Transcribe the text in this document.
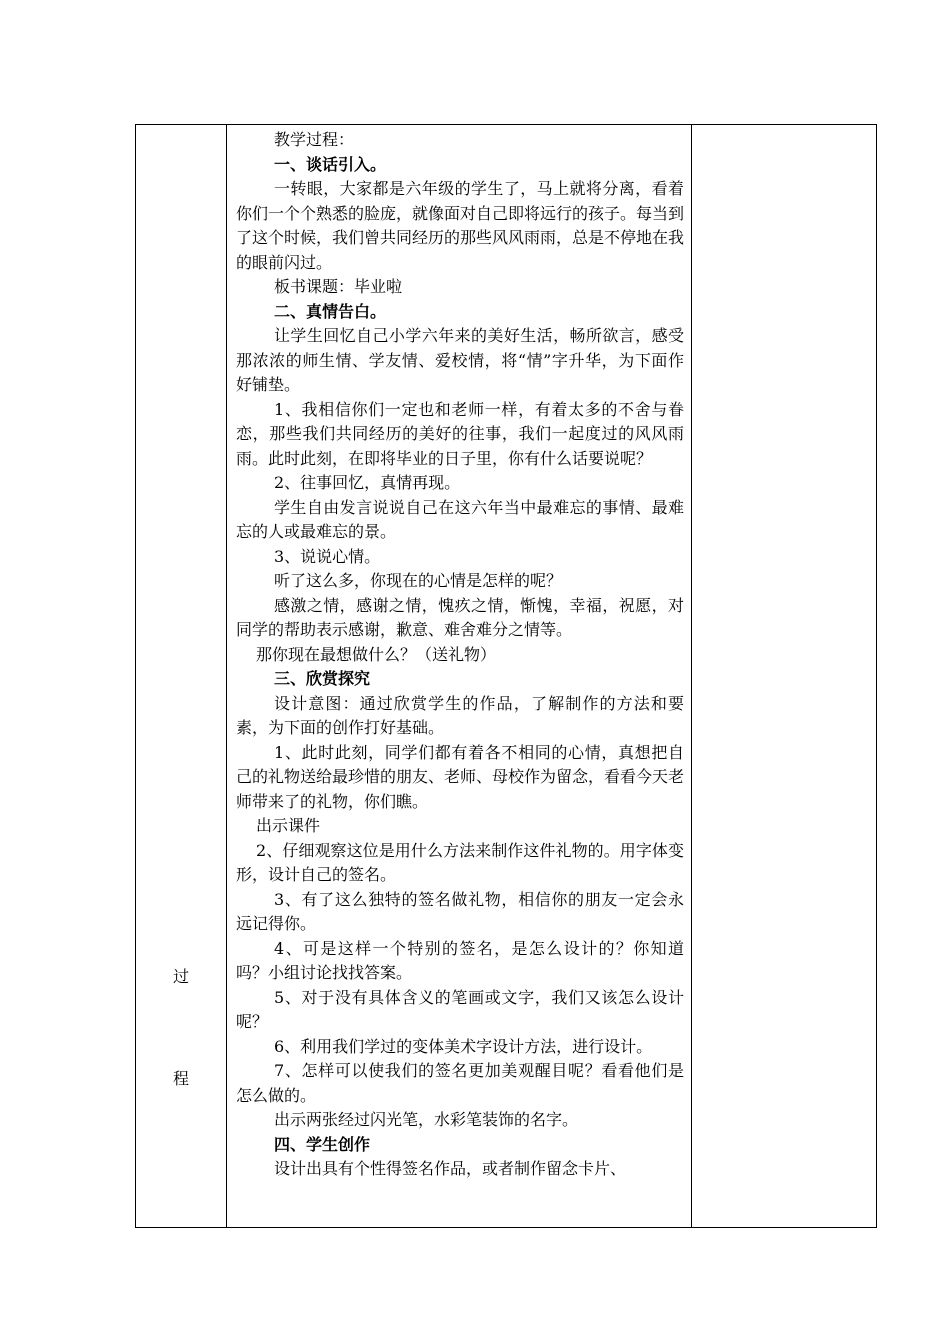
过
程

教学过程：

一、谈话引入。

一转眼，大家都是六年级的学生了，马上就将分离，看着你们一个个熟悉的脸庞，就像面对自己即将远行的孩子。每当到了这个时候，我们曾共同经历的那些风风雨雨，总是不停地在我的眼前闪过。

板书课题：毕业啦

二、真情告白。

让学生回忆自己小学六年来的美好生活，畅所欲言，感受那浓浓的师生情、学友情、爱校情，将“情”字升华，为下面作好铺垫。

1、我相信你们一定也和老师一样，有着太多的不舍与眷恋，那些我们共同经历的美好的往事，我们一起度过的风风雨雨。此时此刻，在即将毕业的日子里，你有什么话要说呢？

2、往事回忆，真情再现。

学生自由发言说说自己在这六年当中最难忘的事情、最难忘的人或最难忘的景。

3、说说心情。

听了这么多，你现在的心情是怎样的呢？

感激之情，感谢之情，愧疚之情，惭愧，幸福，祝愿，对同学的帮助表示感谢，歉意、难舍难分之情等。

那你现在最想做什么？（送礼物）

三、欣赏探究

设计意图：通过欣赏学生的作品，了解制作的方法和要素，为下面的创作打好基础。

1、此时此刻，同学们都有着各不相同的心情，真想把自己的礼物送给最珍惜的朋友、老师、母校作为留念，看看今天老师带来了的礼物，你们瞧。

出示课件

2、仔细观察这位是用什么方法来制作这件礼物的。用字体变形，设计自己的签名。

3、有了这么独特的签名做礼物，相信你的朋友一定会永远记得你。

4、可是这样一个特别的签名，是怎么设计的？你知道吗？小组讨论找找答案。

5、对于没有具体含义的笔画或文字，我们又该怎么设计呢？

6、利用我们学过的变体美术字设计方法，进行设计。

7、怎样可以使我们的签名更加美观醒目呢？看看他们是怎么做的。

出示两张经过闪光笔，水彩笔装饰的名字。

四、学生创作

设计出具有个性得签名作品，或者制作留念卡片、
